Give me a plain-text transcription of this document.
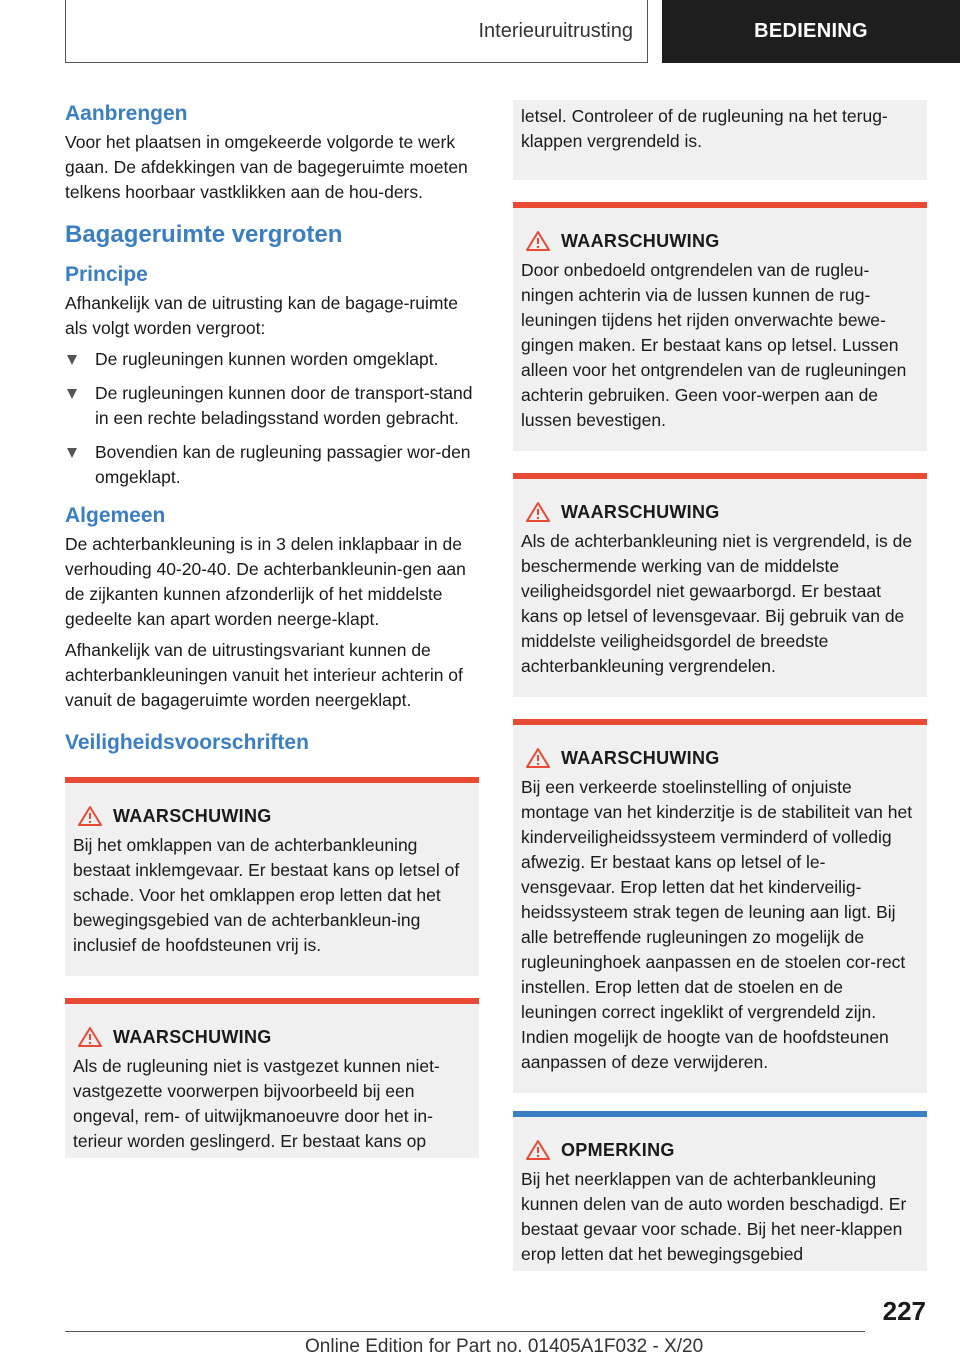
Interieuruitrusting	BEDIENING
Aanbrengen

Voor het plaatsen in omgekeerde volgorde te werk gaan. De afdekkingen van de bagegeruimte moeten telkens hoorbaar vastklikken aan de hou‐ders.

Bagageruimte vergroten
Principe

Afhankelijk van de uitrusting kan de bagage‐ruimte als volgt worden vergroot:

De rugleuningen kunnen worden omgeklapt.
De rugleuningen kunnen door de transport‐stand in een rechte beladingsstand worden gebracht.
Bovendien kan de rugleuning passagier wor‐den omgeklapt.
Algemeen

De achterbankleuning is in 3 delen inklapbaar in de verhouding 40-20-40. De achterbankleunin‐gen aan de zijkanten kunnen afzonderlijk of het middelste gedeelte kan apart worden neerge‐klapt.

Afhankelijk van de uitrustingsvariant kunnen de achterbankleuningen vanuit het interieur achterin of vanuit de bagageruimte worden neergeklapt.

Veiligheidsvoorschriften
WAARSCHUWING

Bij het omklappen van de achterbankleuning bestaat inklemgevaar. Er bestaat kans op letsel of schade. Voor het omklappen erop letten dat het bewegingsgebied van de achterbankleun‐ing inclusief de hoofdsteunen vrij is.

WAARSCHUWING

Als de rugleuning niet is vastgezet kunnen niet-vastgezette voorwerpen bijvoorbeeld bij een ongeval, rem- of uitwijkmanoeuvre door het in‐terieur worden geslingerd. Er bestaat kans op

letsel. Controleer of de rugleuning na het terug‐klappen vergrendeld is.

WAARSCHUWING

Door onbedoeld ontgrendelen van de rugleu‐ningen achterin via de lussen kunnen de rug‐leuningen tijdens het rijden onverwachte bewe‐gingen maken. Er bestaat kans op letsel. Lussen alleen voor het ontgrendelen van de rugleuningen achterin gebruiken. Geen voor‐werpen aan de lussen bevestigen.

WAARSCHUWING

Als de achterbankleuning niet is vergrendeld, is de beschermende werking van de middelste veiligheidsgordel niet gewaarborgd. Er bestaat kans op letsel of levensgevaar. Bij gebruik van de middelste veiligheidsgordel de breedste achterbankleuning vergrendelen.

WAARSCHUWING

Bij een verkeerde stoelinstelling of onjuiste montage van het kinderzitje is de stabiliteit van het kinderveiligheidssysteem verminderd of volledig afwezig. Er bestaat kans op letsel of le‐vensgevaar. Erop letten dat het kinderveilig‐heidssysteem strak tegen de leuning aan ligt. Bij alle betreffende rugleuningen zo mogelijk de rugleuninghoek aanpassen en de stoelen cor‐rect instellen. Erop letten dat de stoelen en de leuningen correct ingeklikt of vergrendeld zijn. Indien mogelijk de hoogte van de hoofdsteunen aanpassen of deze verwijderen.

OPMERKING

Bij het neerklappen van de achterbankleuning kunnen delen van de auto worden beschadigd. Er bestaat gevaar voor schade. Bij het neer‐klappen erop letten dat het bewegingsgebied

227
Online Edition for Part no. 01405A1F032 - X/20
